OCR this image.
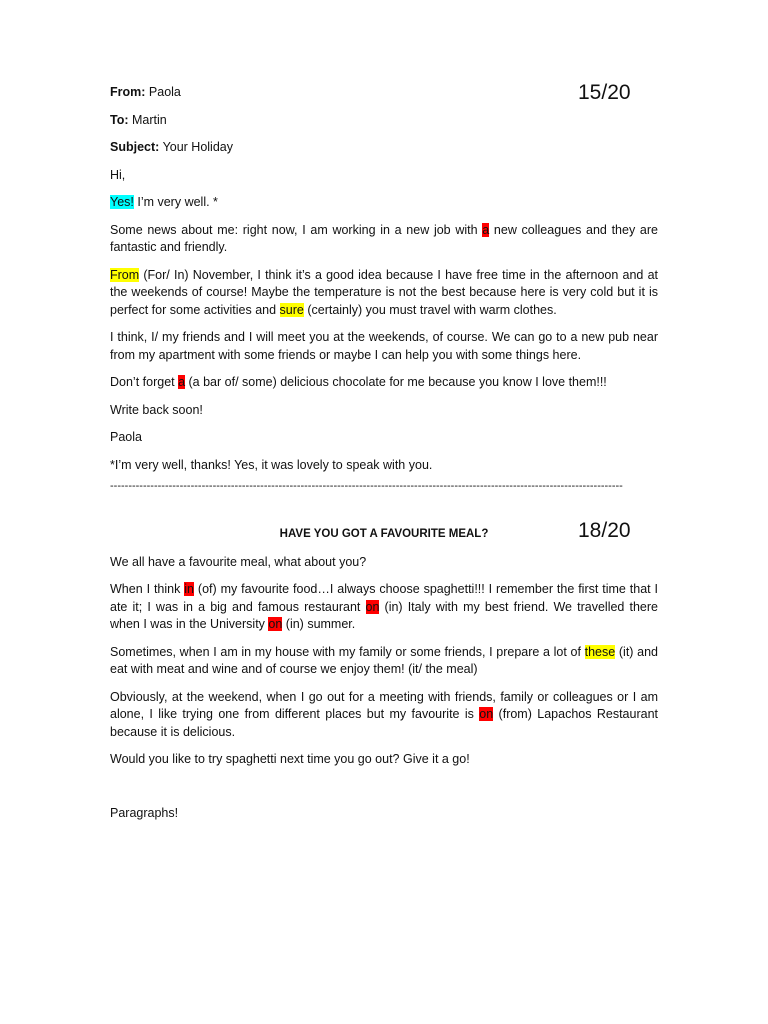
15/20
18/20

From: Paola

To: Martin

Subject: Your Holiday

Hi,

Yes! I’m very well. *

Some news about me: right now, I am working in a new job with a new colleagues and they are fantastic and friendly.

From (For/ In) November, I think it’s a good idea because I have free time in the afternoon and at the weekends of course! Maybe the temperature is not the best because here is very cold but it is perfect for some activities and sure (certainly) you must travel with warm clothes.

I think, I/ my friends and I will meet you at the weekends, of course. We can go to a new pub near from my apartment with some friends or maybe I can help you with some things here.

Don’t forget a (a bar of/ some) delicious chocolate for me because you know I love them!!!

Write back soon!

Paola

*I’m very well, thanks! Yes, it was lovely to speak with you.

--------------------------------------------------------------------------------------------------------------------------------------------
HAVE YOU GOT A FAVOURITE MEAL?

We all have a favourite meal, what about you?

When I think in (of) my favourite food…I always choose spaghetti!!! I remember the first time that I ate it; I was in a big and famous restaurant on (in) Italy with my best friend. We travelled there when I was in the University on (in) summer.

Sometimes, when I am in my house with my family or some friends, I prepare a lot of these (it) and eat with meat and wine and of course we enjoy them! (it/ the meal)

Obviously, at the weekend, when I go out for a meeting with friends, family or colleagues or I am alone, I like trying one from different places but my favourite is on (from) Lapachos Restaurant because it is delicious.

Would you like to try spaghetti next time you go out? Give it a go!

Paragraphs!
